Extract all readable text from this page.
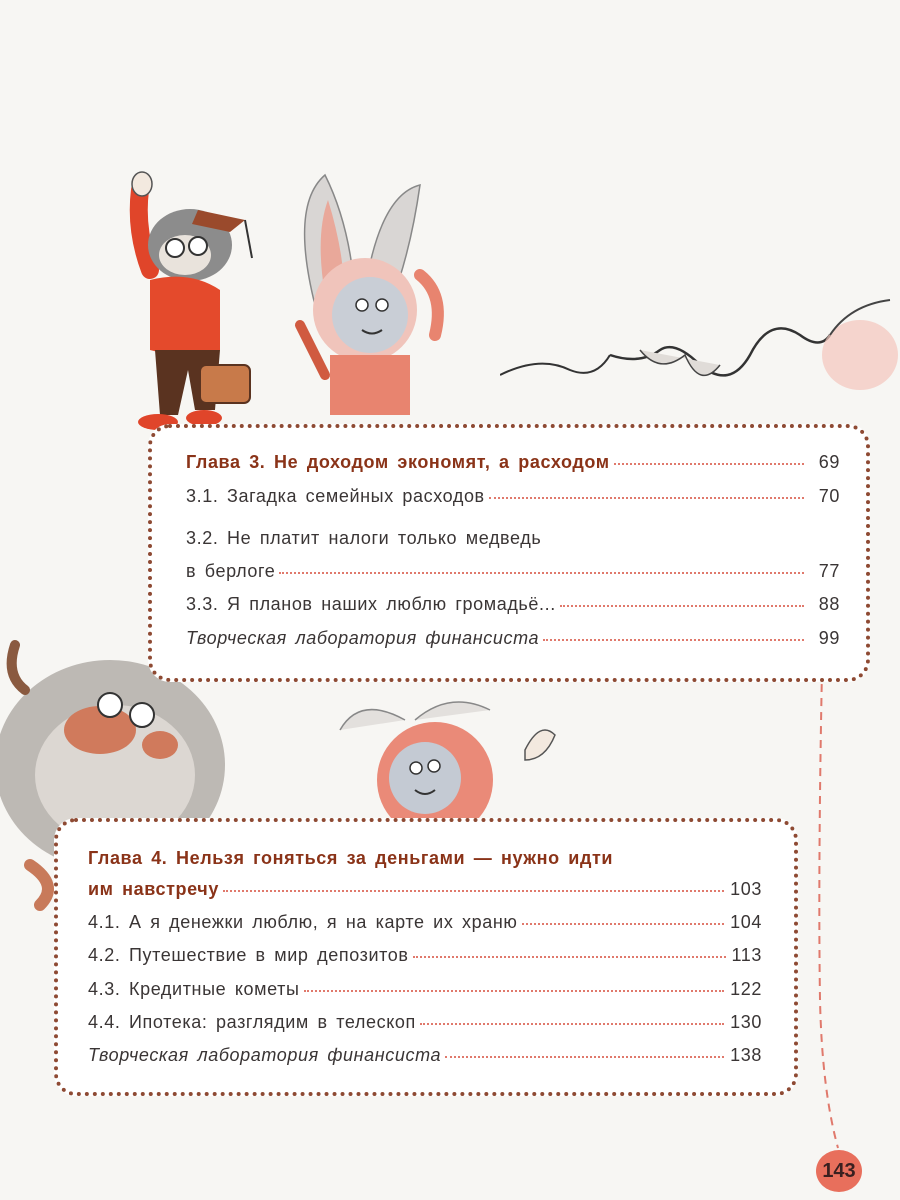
Глава 3. Не доходом экономят, а расходом	69
3.1. Загадка семейных расходов	70
3.2. Не платит налоги только медведь
в берлоге	77
3.3. Я планов наших люблю громадьё...	88
Творческая лаборатория финансиста	99
Глава 4. Нельзя гоняться за деньгами — нужно идти
им навстречу	103
4.1. А я денежки люблю, я на карте их храню	104
4.2. Путешествие в мир депозитов	113
4.3. Кредитные кометы	122
4.4. Ипотека: разглядим в телескоп	130
Творческая лаборатория финансиста	138
143
